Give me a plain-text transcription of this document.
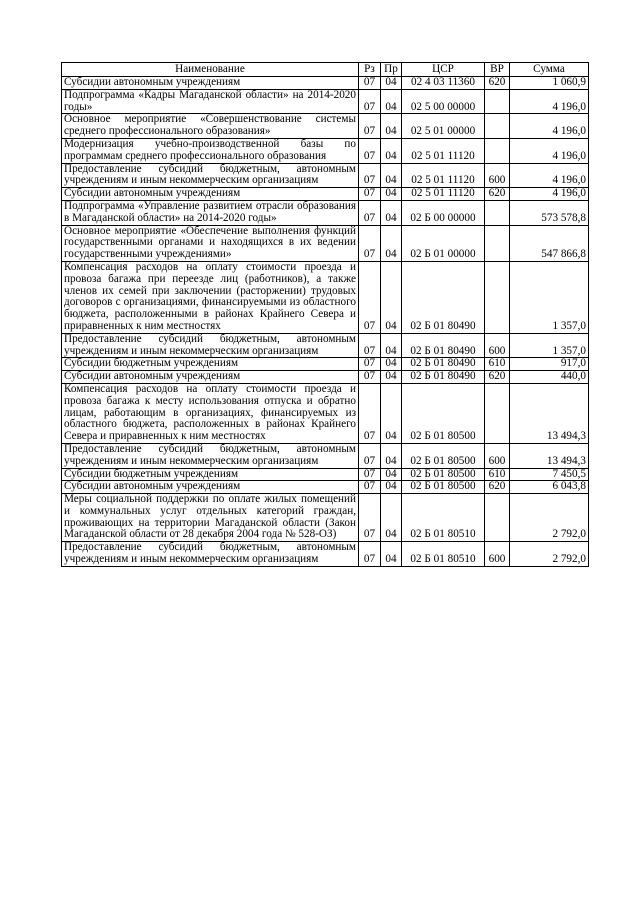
Наименование	Рз	Пр	ЦСР	ВР	Сумма
Субсидии автономным учреждениям	07	04	02 4 03 11360	620	1 060,9
Подпрограмма «Кадры Магаданской области» на 2014-2020 годы»	07	04	02 5 00 00000		4 196,0
Основное мероприятие «Совершенствование системы среднего профессионального образования»	07	04	02 5 01 00000		4 196,0
Модернизация учебно-производственной базы по программам среднего профессионального образования	07	04	02 5 01 11120		4 196,0
Предоставление субсидий бюджетным, автономным учреждениям и иным некоммерческим организациям	07	04	02 5 01 11120	600	4 196,0
Субсидии автономным учреждениям	07	04	02 5 01 11120	620	4 196,0
Подпрограмма «Управление развитием отрасли образования в Магаданской области» на 2014-2020 годы»	07	04	02 Б 00 00000		573 578,8
Основное мероприятие «Обеспечение выполнения функций государственными органами и находящихся в их ведении государственными учреждениями»	07	04	02 Б 01 00000		547 866,8
Компенсация расходов на оплату стоимости проезда и провоза багажа при переезде лиц (работников), а также членов их семей при заключении (расторжении) трудовых договоров с организациями, финансируемыми из областного бюджета, расположенными в районах Крайнего Севера и приравненных к ним местностях	07	04	02 Б 01 80490		1 357,0
Предоставление субсидий бюджетным, автономным учреждениям и иным некоммерческим организациям	07	04	02 Б 01 80490	600	1 357,0
Субсидии бюджетным учреждениям	07	04	02 Б 01 80490	610	917,0
Субсидии автономным учреждениям	07	04	02 Б 01 80490	620	440,0
Компенсация расходов на оплату стоимости проезда и провоза багажа к месту использования отпуска и обратно лицам, работающим в организациях, финансируемых из областного бюджета, расположенных в районах Крайнего Севера и приравненных к ним местностях	07	04	02 Б 01 80500		13 494,3
Предоставление субсидий бюджетным, автономным учреждениям и иным некоммерческим организациям	07	04	02 Б 01 80500	600	13 494,3
Субсидии бюджетным учреждениям	07	04	02 Б 01 80500	610	7 450,5
Субсидии автономным учреждениям	07	04	02 Б 01 80500	620	6 043,8
Меры социальной поддержки по оплате жилых помещений и коммунальных услуг отдельных категорий граждан, проживающих на территории Магаданской области (Закон Магаданской области от 28 декабря 2004 года № 528-ОЗ)	07	04	02 Б 01 80510		2 792,0
Предоставление субсидий бюджетным, автономным учреждениям и иным некоммерческим организациям	07	04	02 Б 01 80510	600	2 792,0
